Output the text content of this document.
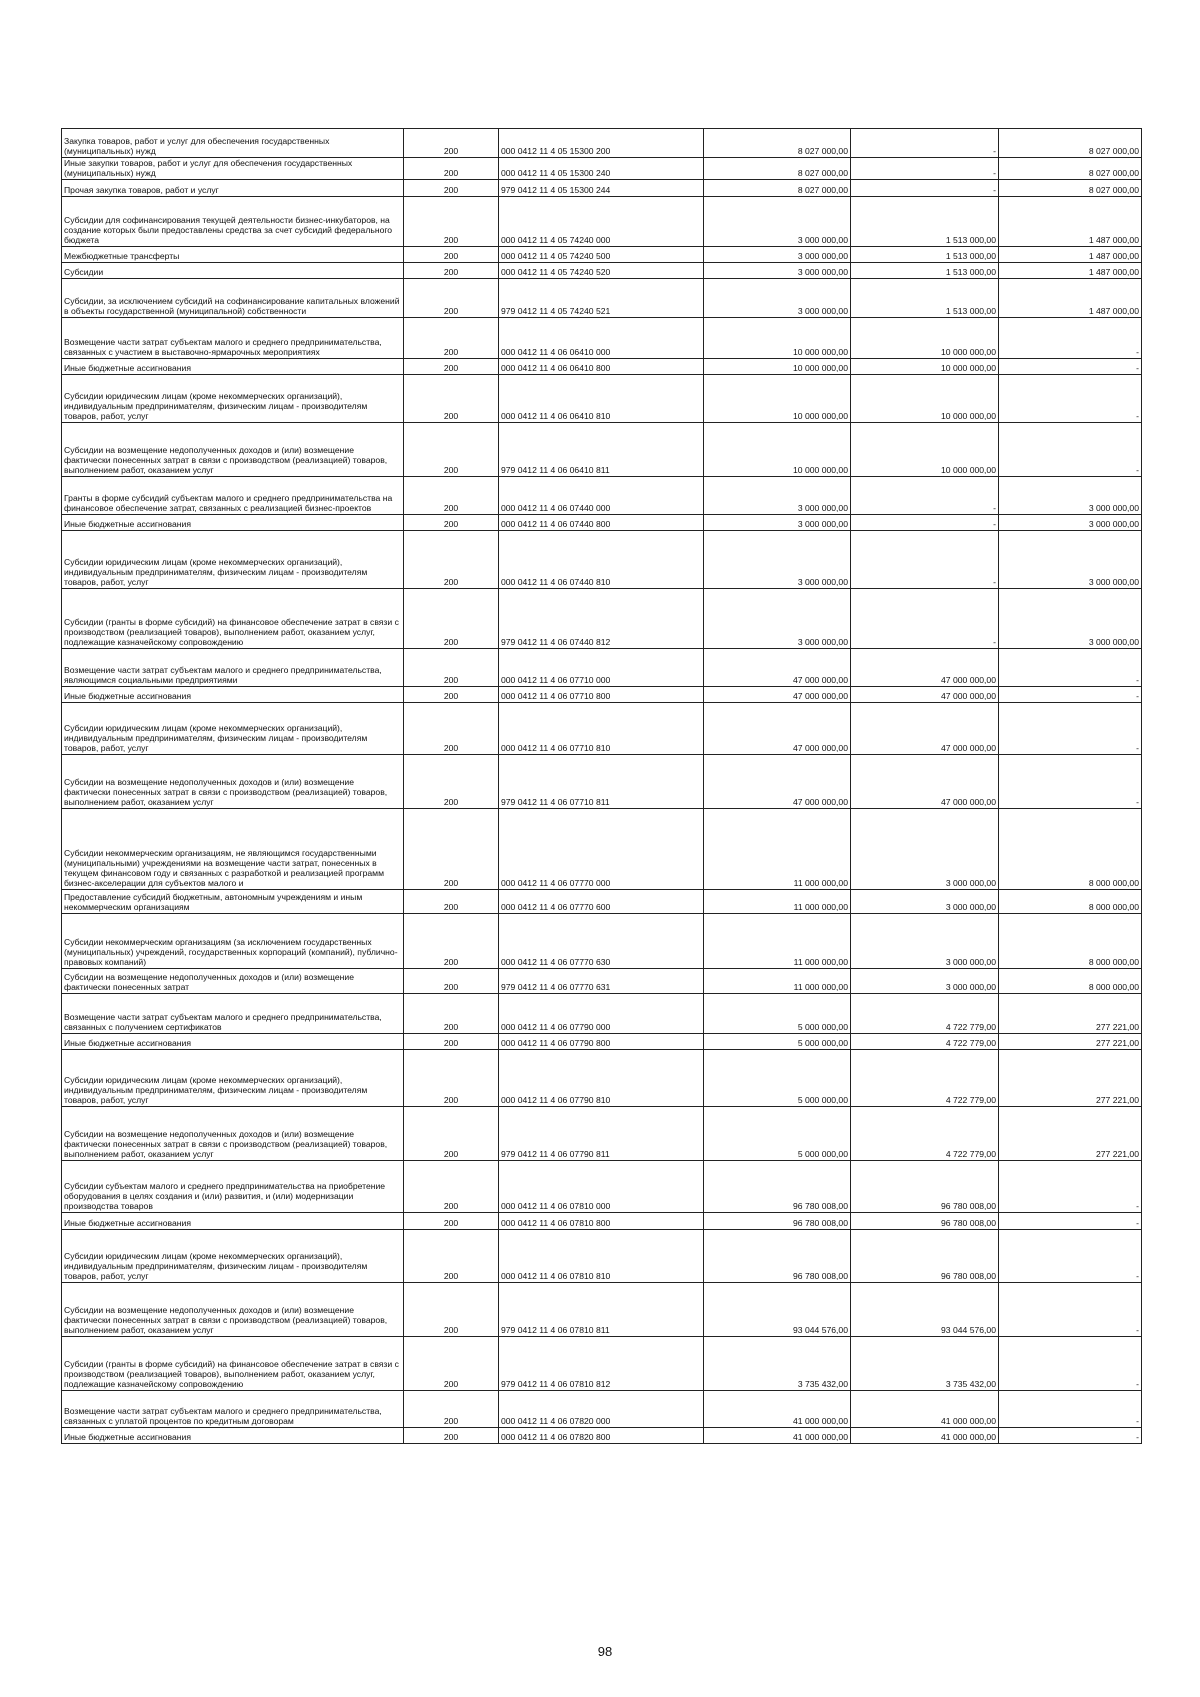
Закупка товаров, работ и услуг для обеспечения государственных (муниципальных) нужд	200	000 0412 11 4 05 15300 200	8 027 000,00	-	8 027 000,00
Иные закупки товаров, работ и услуг для обеспечения государственных (муниципальных) нужд	200	000 0412 11 4 05 15300 240	8 027 000,00	-	8 027 000,00
Прочая закупка товаров, работ и услуг	200	979 0412 11 4 05 15300 244	8 027 000,00	-	8 027 000,00
Субсидии для софинансирования текущей деятельности бизнес-инкубаторов, на создание которых были предоставлены средства за счет субсидий федерального бюджета	200	000 0412 11 4 05 74240 000	3 000 000,00	1 513 000,00	1 487 000,00
Межбюджетные трансферты	200	000 0412 11 4 05 74240 500	3 000 000,00	1 513 000,00	1 487 000,00
Субсидии	200	000 0412 11 4 05 74240 520	3 000 000,00	1 513 000,00	1 487 000,00
Субсидии, за исключением субсидий на софинансирование капитальных вложений в объекты государственной (муниципальной) собственности	200	979 0412 11 4 05 74240 521	3 000 000,00	1 513 000,00	1 487 000,00
Возмещение части затрат субъектам малого и среднего предпринимательства, связанных с участием в выставочно-ярмарочных мероприятиях	200	000 0412 11 4 06 06410 000	10 000 000,00	10 000 000,00	-
Иные бюджетные ассигнования	200	000 0412 11 4 06 06410 800	10 000 000,00	10 000 000,00	-
Субсидии юридическим лицам (кроме некоммерческих организаций), индивидуальным предпринимателям, физическим лицам - производителям товаров, работ, услуг	200	000 0412 11 4 06 06410 810	10 000 000,00	10 000 000,00	-
Субсидии на возмещение недополученных доходов и (или) возмещение фактически понесенных затрат в связи с производством (реализацией) товаров, выполнением работ, оказанием услуг	200	979 0412 11 4 06 06410 811	10 000 000,00	10 000 000,00	-
Гранты в форме субсидий субъектам малого и среднего предпринимательства на финансовое обеспечение затрат, связанных с реализацией бизнес-проектов	200	000 0412 11 4 06 07440 000	3 000 000,00	-	3 000 000,00
Иные бюджетные ассигнования	200	000 0412 11 4 06 07440 800	3 000 000,00	-	3 000 000,00
Субсидии юридическим лицам (кроме некоммерческих организаций), индивидуальным предпринимателям, физическим лицам - производителям товаров, работ, услуг	200	000 0412 11 4 06 07440 810	3 000 000,00	-	3 000 000,00
Субсидии (гранты в форме субсидий) на финансовое обеспечение затрат в связи с производством (реализацией товаров), выполнением работ, оказанием услуг, подлежащие казначейскому сопровождению	200	979 0412 11 4 06 07440 812	3 000 000,00	-	3 000 000,00
Возмещение части затрат субъектам малого и среднего предпринимательства, являющимся социальными предприятиями	200	000 0412 11 4 06 07710 000	47 000 000,00	47 000 000,00	-
Иные бюджетные ассигнования	200	000 0412 11 4 06 07710 800	47 000 000,00	47 000 000,00	-
Субсидии юридическим лицам (кроме некоммерческих организаций), индивидуальным предпринимателям, физическим лицам - производителям товаров, работ, услуг	200	000 0412 11 4 06 07710 810	47 000 000,00	47 000 000,00	-
Субсидии на возмещение недополученных доходов и (или) возмещение фактически понесенных затрат в связи с производством (реализацией) товаров, выполнением работ, оказанием услуг	200	979 0412 11 4 06 07710 811	47 000 000,00	47 000 000,00	-
Субсидии некоммерческим организациям, не являющимся государственными (муниципальными) учреждениями на возмещение части затрат, понесенных в текущем финансовом году и связанных с разработкой и реализацией программ бизнес-акселерации для субъектов малого и	200	000 0412 11 4 06 07770 000	11 000 000,00	3 000 000,00	8 000 000,00
Предоставление субсидий бюджетным, автономным учреждениям и иным некоммерческим организациям	200	000 0412 11 4 06 07770 600	11 000 000,00	3 000 000,00	8 000 000,00
Субсидии некоммерческим организациям (за исключением государственных (муниципальных) учреждений, государственных корпораций (компаний), публично-правовых компаний)	200	000 0412 11 4 06 07770 630	11 000 000,00	3 000 000,00	8 000 000,00
Субсидии на возмещение недополученных доходов и (или) возмещение фактически понесенных затрат	200	979 0412 11 4 06 07770 631	11 000 000,00	3 000 000,00	8 000 000,00
Возмещение части затрат субъектам малого и среднего предпринимательства, связанных с получением сертификатов	200	000 0412 11 4 06 07790 000	5 000 000,00	4 722 779,00	277 221,00
Иные бюджетные ассигнования	200	000 0412 11 4 06 07790 800	5 000 000,00	4 722 779,00	277 221,00
Субсидии юридическим лицам (кроме некоммерческих организаций), индивидуальным предпринимателям, физическим лицам - производителям товаров, работ, услуг	200	000 0412 11 4 06 07790 810	5 000 000,00	4 722 779,00	277 221,00
Субсидии на возмещение недополученных доходов и (или) возмещение фактически понесенных затрат в связи с производством (реализацией) товаров, выполнением работ, оказанием услуг	200	979 0412 11 4 06 07790 811	5 000 000,00	4 722 779,00	277 221,00
Субсидии субъектам малого и среднего предпринимательства на приобретение оборудования в целях создания и (или) развития, и (или) модернизации производства товаров	200	000 0412 11 4 06 07810 000	96 780 008,00	96 780 008,00	-
Иные бюджетные ассигнования	200	000 0412 11 4 06 07810 800	96 780 008,00	96 780 008,00	-
Субсидии юридическим лицам (кроме некоммерческих организаций), индивидуальным предпринимателям, физическим лицам - производителям товаров, работ, услуг	200	000 0412 11 4 06 07810 810	96 780 008,00	96 780 008,00	-
Субсидии на возмещение недополученных доходов и (или) возмещение фактически понесенных затрат в связи с производством (реализацией) товаров, выполнением работ, оказанием услуг	200	979 0412 11 4 06 07810 811	93 044 576,00	93 044 576,00	-
Субсидии (гранты в форме субсидий) на финансовое обеспечение затрат в связи с производством (реализацией товаров), выполнением работ, оказанием услуг, подлежащие казначейскому сопровождению	200	979 0412 11 4 06 07810 812	3 735 432,00	3 735 432,00	-
Возмещение части затрат субъектам малого и среднего предпринимательства, связанных с уплатой процентов по кредитным договорам	200	000 0412 11 4 06 07820 000	41 000 000,00	41 000 000,00	-
Иные бюджетные ассигнования	200	000 0412 11 4 06 07820 800	41 000 000,00	41 000 000,00	-
98
